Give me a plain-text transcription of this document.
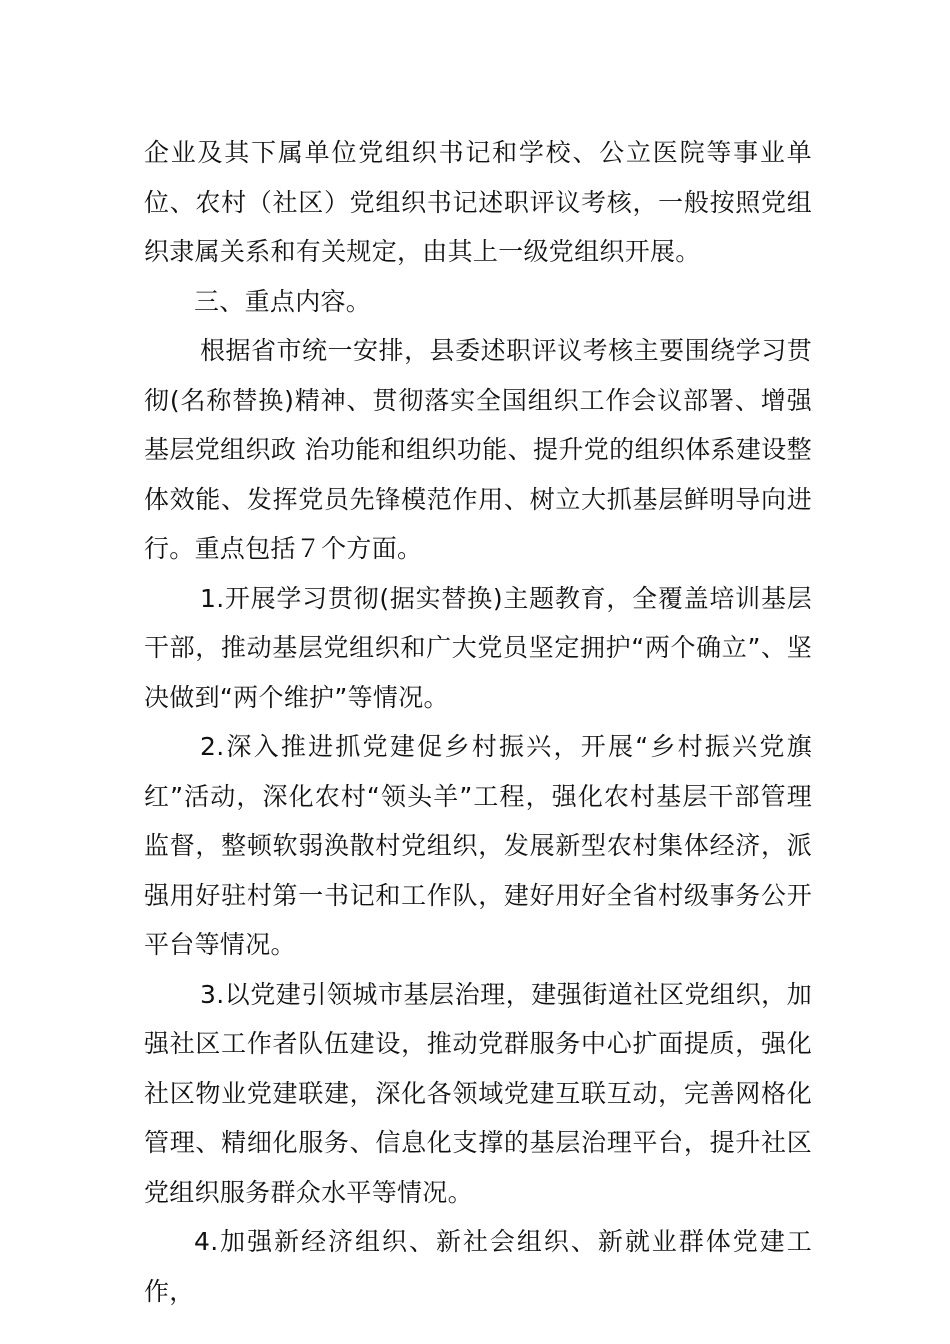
企业及其下属单位党组织书记和学校、公立医院等事业单位、农村（社区）党组织书记述职评议考核，一般按照党组织隶属关系和有关规定，由其上一级党组织开展。

三、重点内容。

根据省市统一安排，县委述职评议考核主要围绕学习贯彻(名称替换)精神、贯彻落实全国组织工作会议部署、增强基层党组织政 治功能和组织功能、提升党的组织体系建设整体效能、发挥党员先锋模范作用、树立大抓基层鲜明导向进行。重点包括７个方面。

1.开展学习贯彻(据实替换)主题教育，全覆盖培训基层干部，推动基层党组织和广大党员坚定拥护“两个确立”、坚决做到“两个维护”等情况。

2.深入推进抓党建促乡村振兴，开展“乡村振兴党旗红”活动，深化农村“领头羊”工程，强化农村基层干部管理监督，整顿软弱涣散村党组织，发展新型农村集体经济，派强用好驻村第一书记和工作队，建好用好全省村级事务公开平台等情况。

3.以党建引领城市基层治理，建强街道社区党组织，加强社区工作者队伍建设，推动党群服务中心扩面提质，强化社区物业党建联建，深化各领域党建互联互动，完善网格化管理、精细化服务、信息化支撑的基层治理平台，提升社区党组织服务群众水平等情况。

4.加强新经济组织、新社会组织、新就业群体党建工作，
